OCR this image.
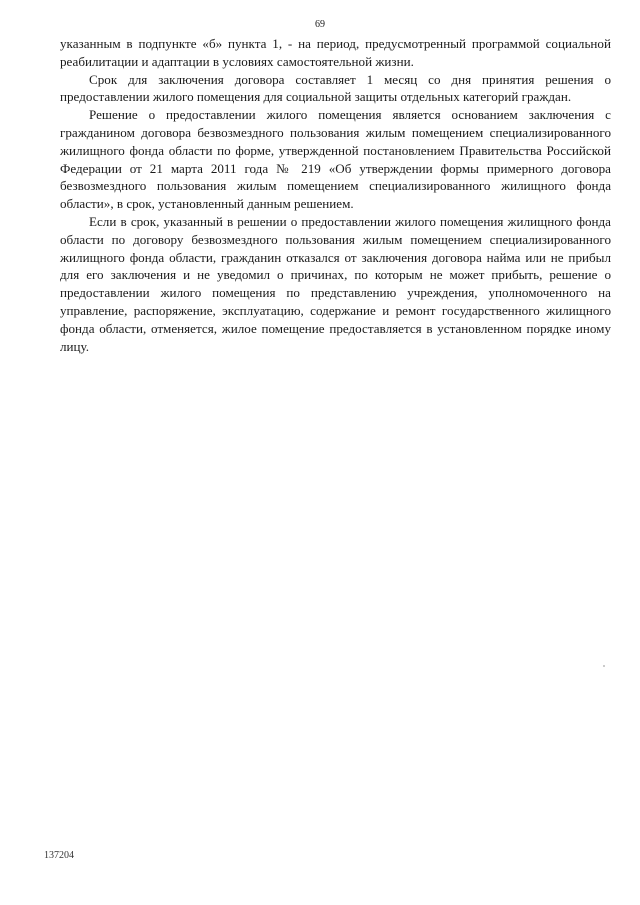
69

указанным в подпункте «б» пункта 1, - на период, предусмотренный программой социальной реабилитации и адаптации в условиях самостоятельной жизни.

Срок для заключения договора составляет 1 месяц со дня принятия решения о предоставлении жилого помещения для социальной защиты отдельных категорий граждан.

Решение о предоставлении жилого помещения является основанием заключения с гражданином договора безвозмездного пользования жилым помещением специализированного жилищного фонда области по форме, утвержденной постановлением Правительства Российской Федерации от 21 марта 2011 года № 219 «Об утверждении формы примерного договора безвозмездного пользования жилым помещением специализированного жилищного фонда области», в срок, установленный данным решением.

Если в срок, указанный в решении о предоставлении жилого помещения жилищного фонда области по договору безвозмездного пользования жилым помещением специализированного жилищного фонда области, гражданин отказался от заключения договора найма или не прибыл для его заключения и не уведомил о причинах, по которым не может прибыть, решение о предоставлении жилого помещения по представлению учреждения, уполномоченного на управление, распоряжение, эксплуатацию, содержание и ремонт государственного жилищного фонда области, отменяется, жилое помещение предоставляется в установленном порядке иному лицу.

137204
